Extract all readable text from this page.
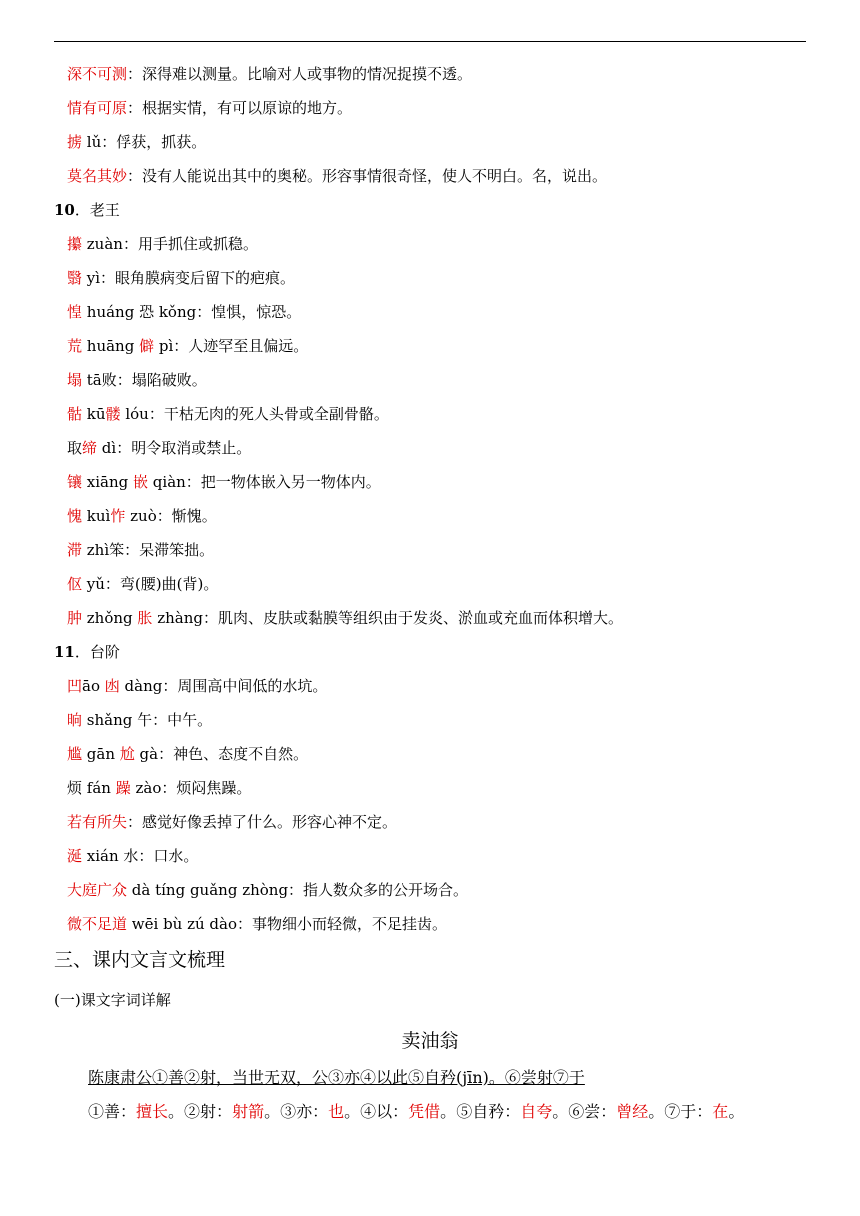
深不可测：深得难以测量。比喻对人或事物的情况捉摸不透。
情有可原：根据实情，有可以原谅的地方。
掳 lǔ：俘获，抓获。
莫名其妙：没有人能说出其中的奥秘。形容事情很奇怪，使人不明白。名，说出。
10．老王
攥 zuàn：用手抓住或抓稳。
翳 yì：眼角膜病变后留下的疤痕。
惶 huáng 恐 kǒng：惶惧，惊恐。
荒 huāng 僻 pì：人迹罕至且偏远。
塌 tā败：塌陷破败。
骷 kū髅 lóu：干枯无肉的死人头骨或全副骨骼。
取缔 dì：明令取消或禁止。
镶 xiāng 嵌 qiàn：把一物体嵌入另一物体内。
愧 kuì怍 zuò：惭愧。
滞 zhì笨：呆滞笨拙。
伛 yǔ：弯(腰)曲(背)。
肿 zhǒng 胀 zhàng：肌肉、皮肤或黏膜等组织由于发炎、淤血或充血而体积增大。
11．台阶
凹āo 凼 dàng：周围高中间低的水坑。
晌 shǎng 午：中午。
尴 gān 尬 gà：神色、态度不自然。
烦 fán 躁 zào：烦闷焦躁。
若有所失：感觉好像丢掉了什么。形容心神不定。
涎 xián 水：口水。
大庭广众 dà tíng guǎng zhòng：指人数众多的公开场合。
微不足道 wēi bù zú dào：事物细小而轻微，不足挂齿。
三、课内文言文梳理
(一)课文字词详解
卖油翁
陈康肃公①善②射，当世无双，公③亦④以此⑤自矜(jīn)。⑥尝射⑦于
①善：擅长。②射：射箭。③亦：也。④以：凭借。⑤自矜：自夸。⑥尝：曾经。⑦于：在。
